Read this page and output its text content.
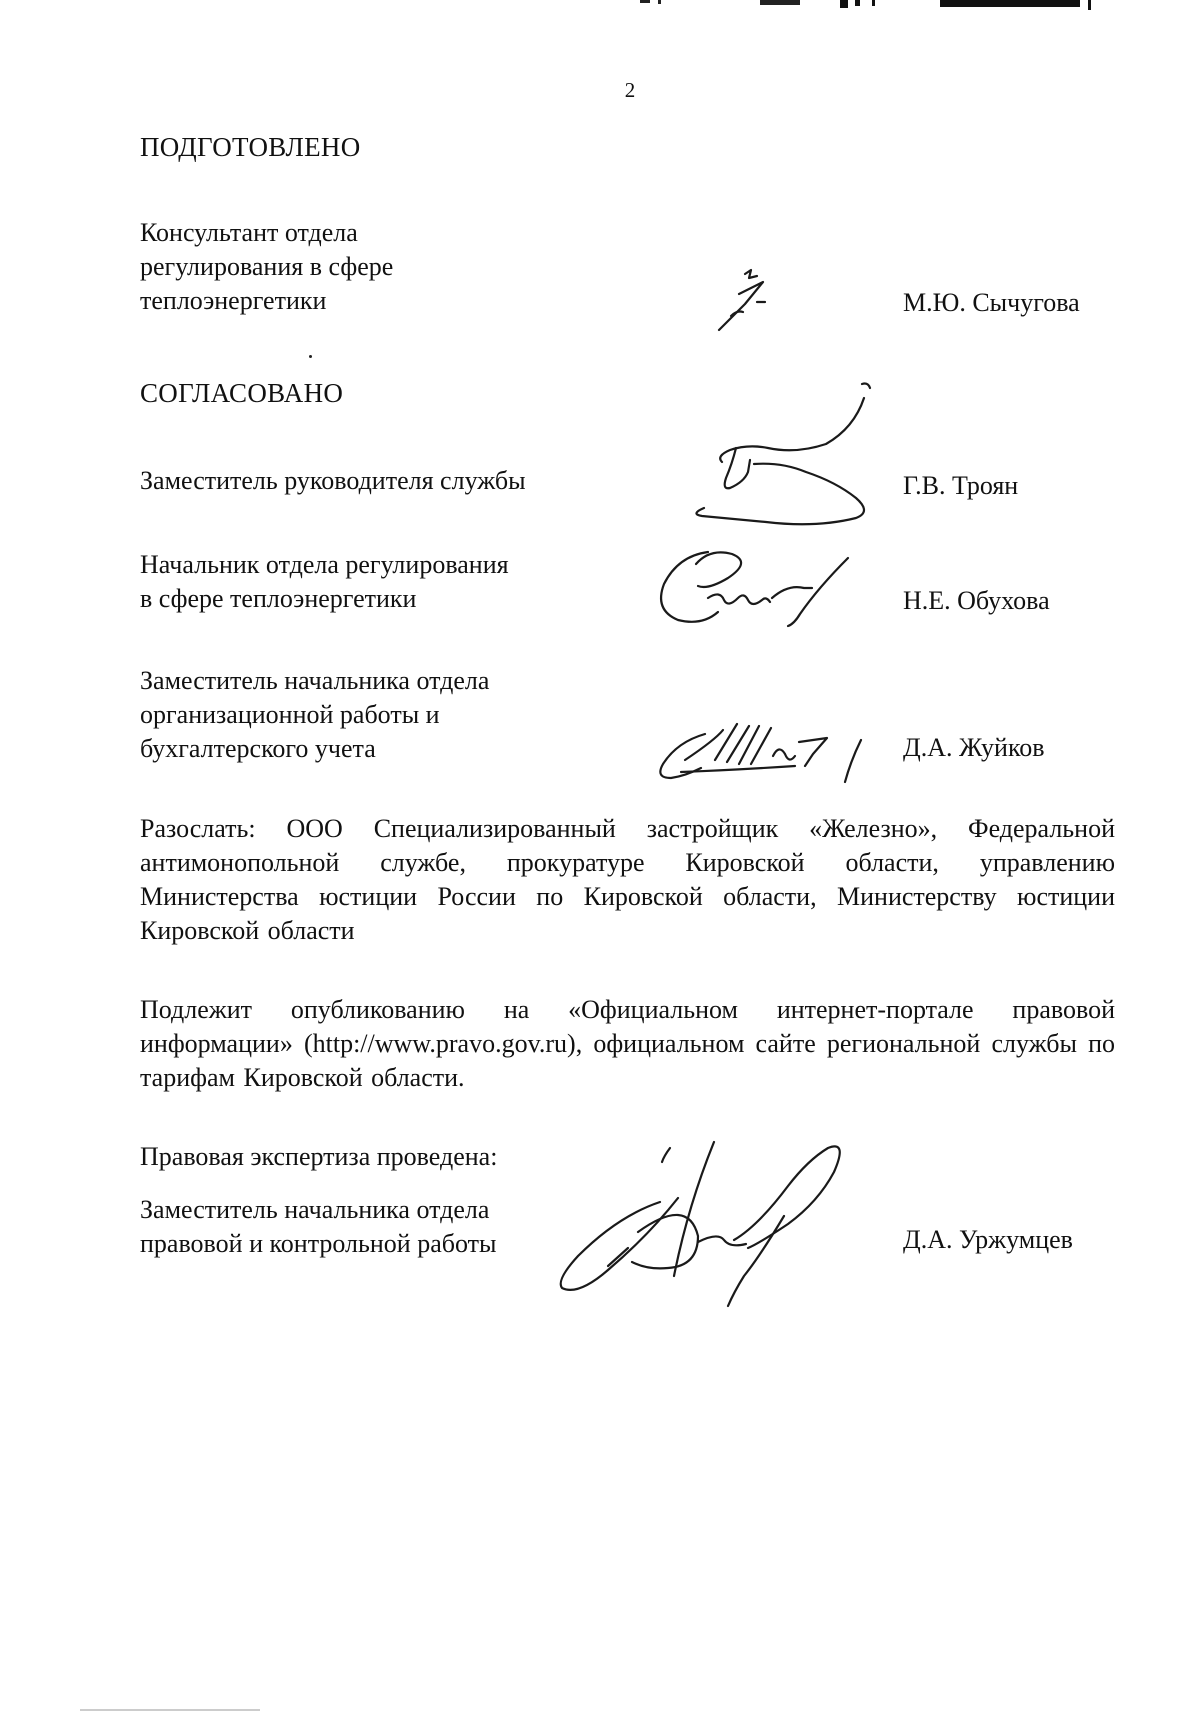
2
ПОДГОТОВЛЕНО
Консультант отдела
регулирования в сфере
теплоэнергетики	М.Ю. Сычугова
СОГЛАСОВАНО
Заместитель руководителя службы	Г.В. Троян
Начальник отдела регулирования
в сфере теплоэнергетики	Н.Е. Обухова
Заместитель начальника отдела
организационной работы и
бухгалтерского учета	Д.А. Жуйков
Разослать: ООО Специализированный застройщик «Железно», Федеральной антимонопольной службе, прокуратуре Кировской области, управлению Министерства юстиции России по Кировской области, Министерству юстиции Кировской области
Подлежит опубликованию на «Официальном интернет-портале правовой информации» (http://www.pravo.gov.ru), официальном сайте региональной службы по тарифам Кировской области.
Правовая экспертиза проведена:
Заместитель начальника отдела
правовой и контрольной работы	Д.А. Уржумцев
